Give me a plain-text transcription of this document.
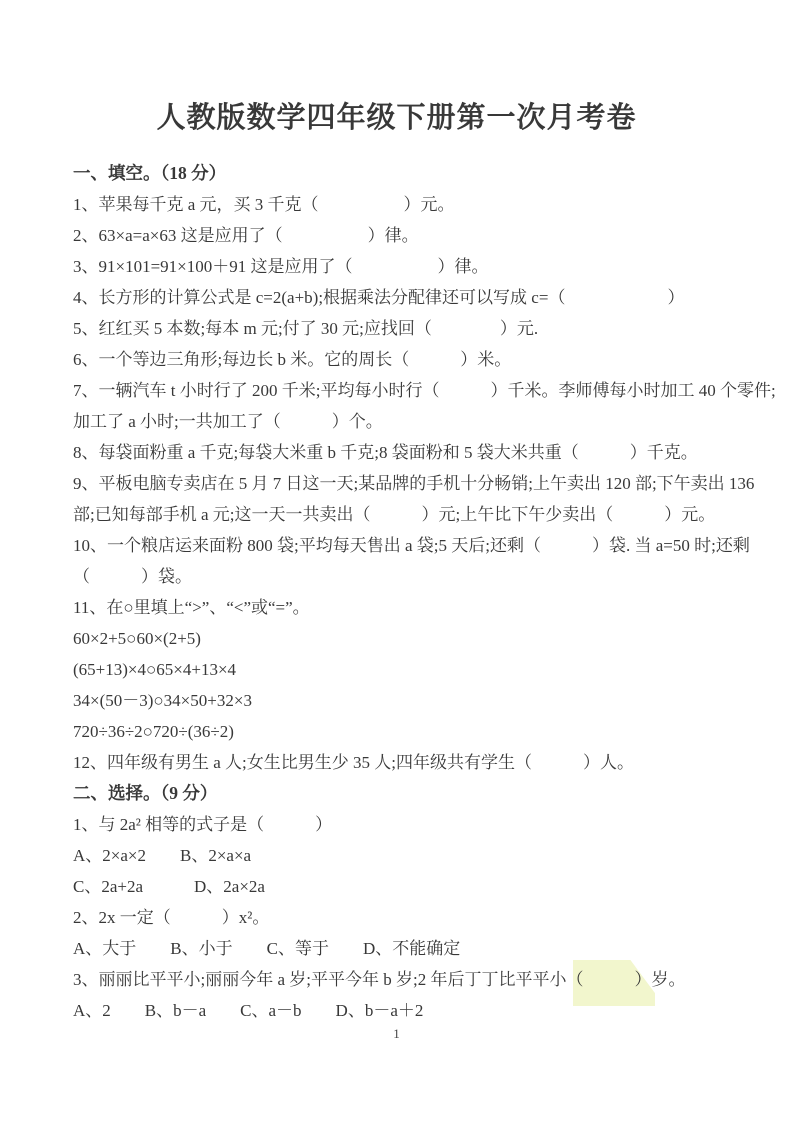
人教版数学四年级下册第一次月考卷
一、填空。（18 分）
1、苹果每千克 a 元，买 3 千克（　　　　　）元。
2、63×a=a×63 这是应用了（　　　　　）律。
3、91×101=91×100＋91 这是应用了（　　　　　）律。
4、长方形的计算公式是 c=2(a+b);根据乘法分配律还可以写成 c=（　　　　　　）
5、红红买 5 本数;每本 m 元;付了 30 元;应找回（　　　　）元.
6、一个等边三角形;每边长 b 米。它的周长（　　　）米。
7、一辆汽车 t 小时行了 200 千米;平均每小时行（　　　）千米。李师傅每小时加工 40 个零件;
加工了 a 小时;一共加工了（　　　）个。
8、每袋面粉重 a 千克;每袋大米重 b 千克;8 袋面粉和 5 袋大米共重（　　　）千克。
9、平板电脑专卖店在 5 月 7 日这一天;某品牌的手机十分畅销;上午卖出 120 部;下午卖出 136
部;已知每部手机 a 元;这一天一共卖出（　　　）元;上午比下午少卖出（　　　）元。
10、一个粮店运来面粉 800 袋;平均每天售出 a 袋;5 天后;还剩（　　　）袋. 当 a=50 时;还剩
（　　　）袋。
11、在○里填上“>”、“<”或“=”。
60×2+5○60×(2+5)
(65+13)×4○65×4+13×4
34×(50－3)○34×50+32×3
720÷36÷2○720÷(36÷2)
12、四年级有男生 a 人;女生比男生少 35 人;四年级共有学生（　　　）人。
二、选择。（9 分）
1、与 2a² 相等的式子是（　　　）
A、2×a×2　　B、2×a×a
C、2a+2a　　　D、2a×2a
2、2x 一定（　　　）x²。
A、大于　　B、小于　　C、等于　　D、不能确定
3、丽丽比平平小;丽丽今年 a 岁;平平今年 b 岁;2 年后丁丁比平平小（　　　）岁。
A、2　　B、b－a　　C、a－b　　D、b－a＋2
1
